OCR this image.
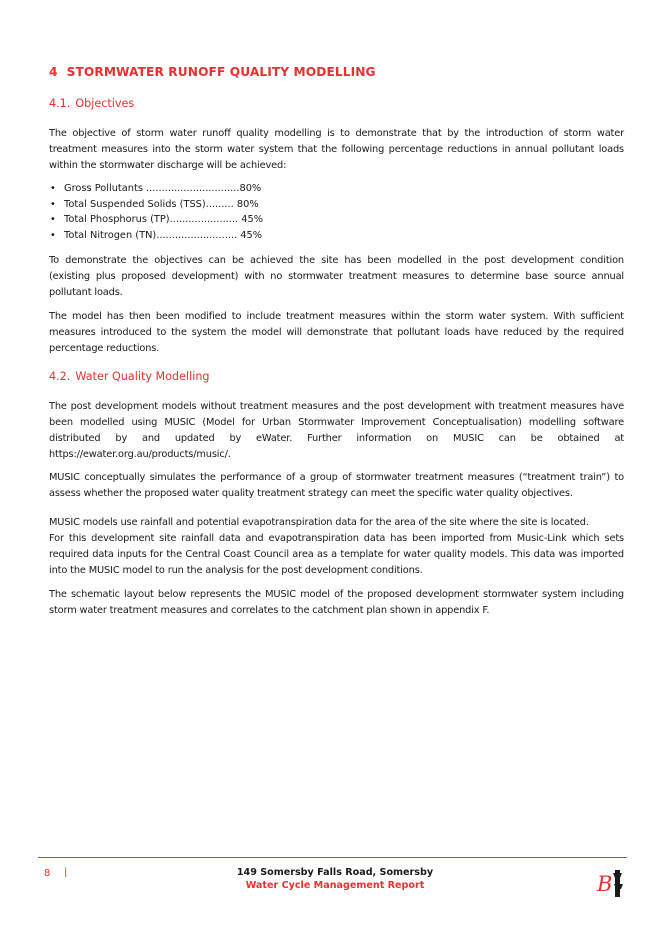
4 STORMWATER RUNOFF QUALITY MODELLING
4.1. Objectives
The objective of storm water runoff quality modelling is to demonstrate that by the introduction of storm water
treatment measures into the storm water system that the following percentage reductions in annual pollutant loads
within the stormwater discharge will be achieved:
• Gross Pollutants ..............................80%
• Total Suspended Solids (TSS)......... 80%
• Total Phosphorus (TP)...................... 45%
• Total Nitrogen (TN).......................... 45%
To demonstrate the objectives can be achieved the site has been modelled in the post development condition
(existing plus proposed development) with no stormwater treatment measures to determine base source annual
pollutant loads.
The model has then been modified to include treatment measures within the storm water system. With sufficient
measures introduced to the system the model will demonstrate that pollutant loads have reduced by the required
percentage reductions.
4.2. Water Quality Modelling
The post development models without treatment measures and the post development with treatment measures have
been modelled using MUSIC (Model for Urban Stormwater Improvement Conceptualisation) modelling software
distributed by and updated by eWater. Further information on MUSIC can be obtained at
https://ewater.org.au/products/music/.
MUSIC conceptually simulates the performance of a group of stormwater treatment measures (“treatment train”) to
assess whether the proposed water quality treatment strategy can meet the specific water quality objectives.
MUSIC models use rainfall and potential evapotranspiration data for the area of the site where the site is located.
For this development site rainfall data and evapotranspiration data has been imported from Music-Link which sets
required data inputs for the Central Coast Council area as a template for water quality models. This data was imported
into the MUSIC model to run the analysis for the post development conditions.
The schematic layout below represents the MUSIC model of the proposed development stormwater system including
storm water treatment measures and correlates to the catchment plan shown in appendix F.
8 |	149 Somersby Falls Road, Somersby
Water Cycle Management Report	B
